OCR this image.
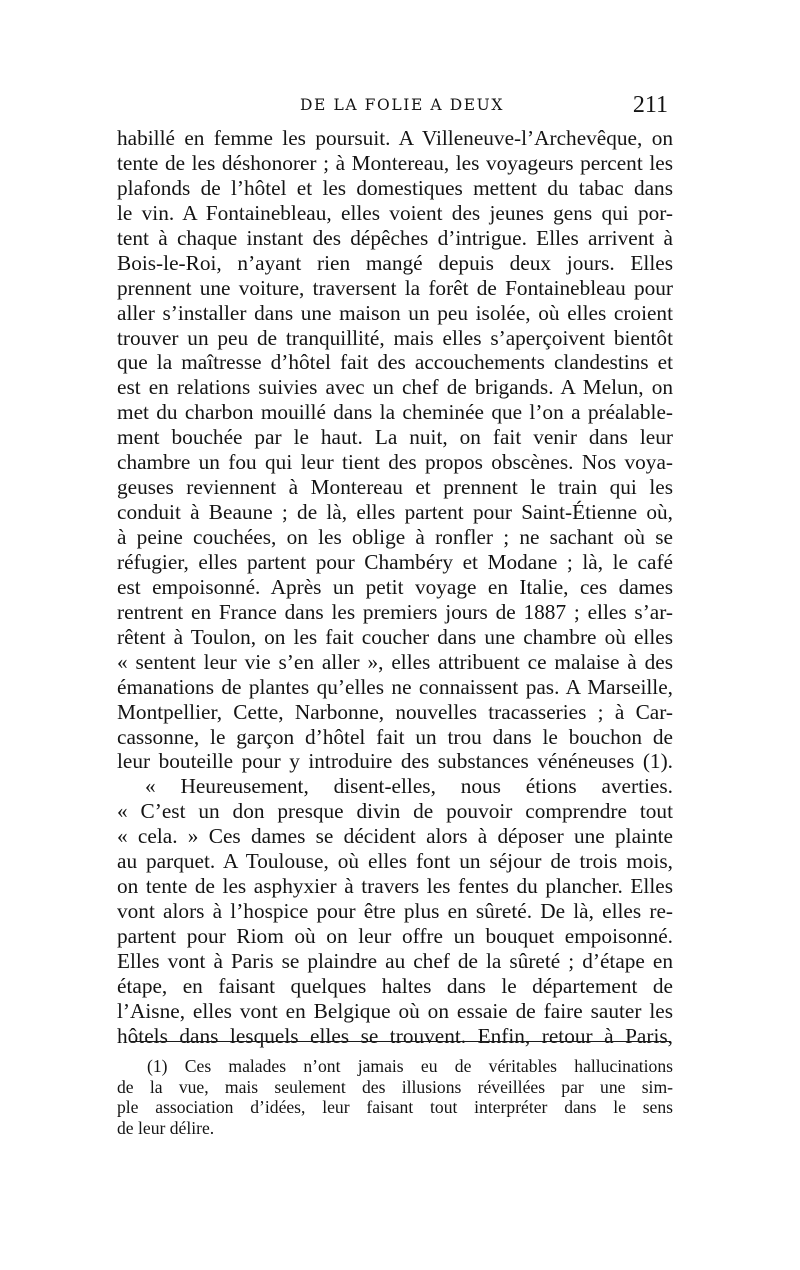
DE LA FOLIE A DEUX	211
habillé en femme les poursuit. A Villeneuve-l’Archevêque, on
tente de les déshonorer ; à Montereau, les voyageurs percent les
plafonds de l’hôtel et les domestiques mettent du tabac dans
le vin. A Fontainebleau, elles voient des jeunes gens qui por-
tent à chaque instant des dépêches d’intrigue. Elles arrivent à
Bois-le-Roi, n’ayant rien mangé depuis deux jours. Elles
prennent une voiture, traversent la forêt de Fontainebleau pour
aller s’installer dans une maison un peu isolée, où elles croient
trouver un peu de tranquillité, mais elles s’aperçoivent bientôt
que la maîtresse d’hôtel fait des accouchements clandestins et
est en relations suivies avec un chef de brigands. A Melun, on
met du charbon mouillé dans la cheminée que l’on a préalable-
ment bouchée par le haut. La nuit, on fait venir dans leur
chambre un fou qui leur tient des propos obscènes. Nos voya-
geuses reviennent à Montereau et prennent le train qui les
conduit à Beaune ; de là, elles partent pour Saint-Étienne où,
à peine couchées, on les oblige à ronfler ; ne sachant où se
réfugier, elles partent pour Chambéry et Modane ; là, le café
est empoisonné. Après un petit voyage en Italie, ces dames
rentrent en France dans les premiers jours de 1887 ; elles s’ar-
rêtent à Toulon, on les fait coucher dans une chambre où elles
« sentent leur vie s’en aller », elles attribuent ce malaise à des
émanations de plantes qu’elles ne connaissent pas. A Marseille,
Montpellier, Cette, Narbonne, nouvelles tracasseries ; à Car-
cassonne, le garçon d’hôtel fait un trou dans le bouchon de
leur bouteille pour y introduire des substances vénéneuses (1).
« Heureusement, disent-elles, nous étions averties.
« C’est un don presque divin de pouvoir comprendre tout
« cela. » Ces dames se décident alors à déposer une plainte
au parquet. A Toulouse, où elles font un séjour de trois mois,
on tente de les asphyxier à travers les fentes du plancher. Elles
vont alors à l’hospice pour être plus en sûreté. De là, elles re-
partent pour Riom où on leur offre un bouquet empoisonné.
Elles vont à Paris se plaindre au chef de la sûreté ; d’étape en
étape, en faisant quelques haltes dans le département de
l’Aisne, elles vont en Belgique où on essaie de faire sauter les
hôtels dans lesquels elles se trouvent. Enfin, retour à Paris,
(1) Ces malades n’ont jamais eu de véritables hallucinations
de la vue, mais seulement des illusions réveillées par une sim-
ple association d’idées, leur faisant tout interpréter dans le sens
de leur délire.
